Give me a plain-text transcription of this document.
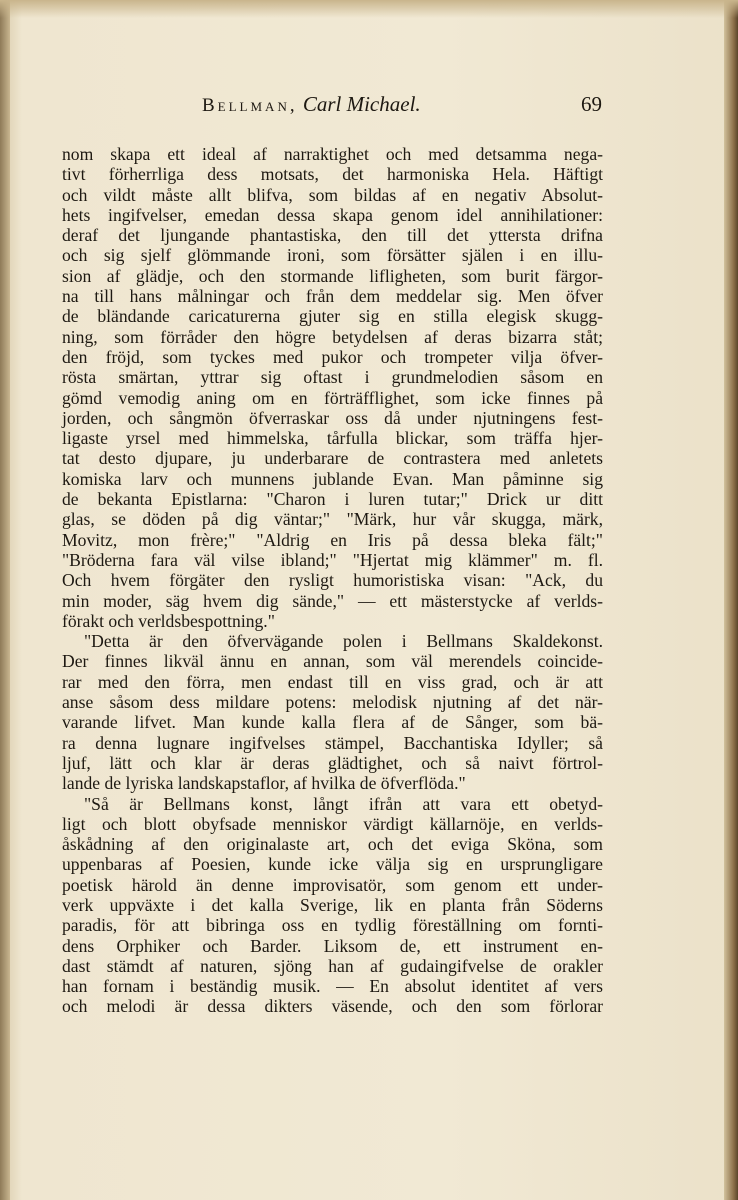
Bellman, Carl Michael.	69
nom skapa ett ideal af narraktighet och med detsamma nega-
tivt förherrliga dess motsats, det harmoniska Hela. Häftigt
och vildt måste allt blifva, som bildas af en negativ Absolut-
hets ingifvelser, emedan dessa skapa genom idel annihilationer:
deraf det ljungande phantastiska, den till det yttersta drifna
och sig sjelf glömmande ironi, som försätter själen i en illu-
sion af glädje, och den stormande lifligheten, som burit färgor-
na till hans målningar och från dem meddelar sig. Men öfver
de bländande caricaturerna gjuter sig en stilla elegisk skugg-
ning, som förråder den högre betydelsen af deras bizarra ståt;
den fröjd, som tyckes med pukor och trompeter vilja öfver-
rösta smärtan, yttrar sig oftast i grundmelodien såsom en
gömd vemodig aning om en förträfflighet, som icke finnes på
jorden, och sångmön öfverraskar oss då under njutningens fest-
ligaste yrsel med himmelska, tårfulla blickar, som träffa hjer-
tat desto djupare, ju underbarare de contrastera med anletets
komiska larv och munnens jublande Evan. Man påminne sig
de bekanta Epistlarna: "Charon i luren tutar;" Drick ur ditt
glas, se döden på dig väntar;" "Märk, hur vår skugga, märk,
Movitz, mon frère;" "Aldrig en Iris på dessa bleka fält;"
"Bröderna fara väl vilse ibland;" "Hjertat mig klämmer" m. fl.
Och hvem förgäter den rysligt humoristiska visan: "Ack, du
min moder, säg hvem dig sände," — ett mästerstycke af verlds-
förakt och verldsbespottning."
"Detta är den öfvervägande polen i Bellmans Skaldekonst.
Der finnes likväl ännu en annan, som väl merendels coincide-
rar med den förra, men endast till en viss grad, och är att
anse såsom dess mildare potens: melodisk njutning af det när-
varande lifvet. Man kunde kalla flera af de Sånger, som bä-
ra denna lugnare ingifvelses stämpel, Bacchantiska Idyller; så
ljuf, lätt och klar är deras glädtighet, och så naivt förtrol-
lande de lyriska landskapstaflor, af hvilka de öfverflöda."
"Så är Bellmans konst, långt ifrån att vara ett obetyd-
ligt och blott obyfsade menniskor värdigt källarnöje, en verlds-
åskådning af den originalaste art, och det eviga Sköna, som
uppenbaras af Poesien, kunde icke välja sig en ursprungligare
poetisk härold än denne improvisatör, som genom ett under-
verk uppväxte i det kalla Sverige, lik en planta från Söderns
paradis, för att bibringa oss en tydlig föreställning om fornti-
dens Orphiker och Barder. Liksom de, ett instrument en-
dast stämdt af naturen, sjöng han af gudaingifvelse de orakler
han fornam i beständig musik. — En absolut identitet af vers
och melodi är dessa dikters väsende, och den som förlorar
